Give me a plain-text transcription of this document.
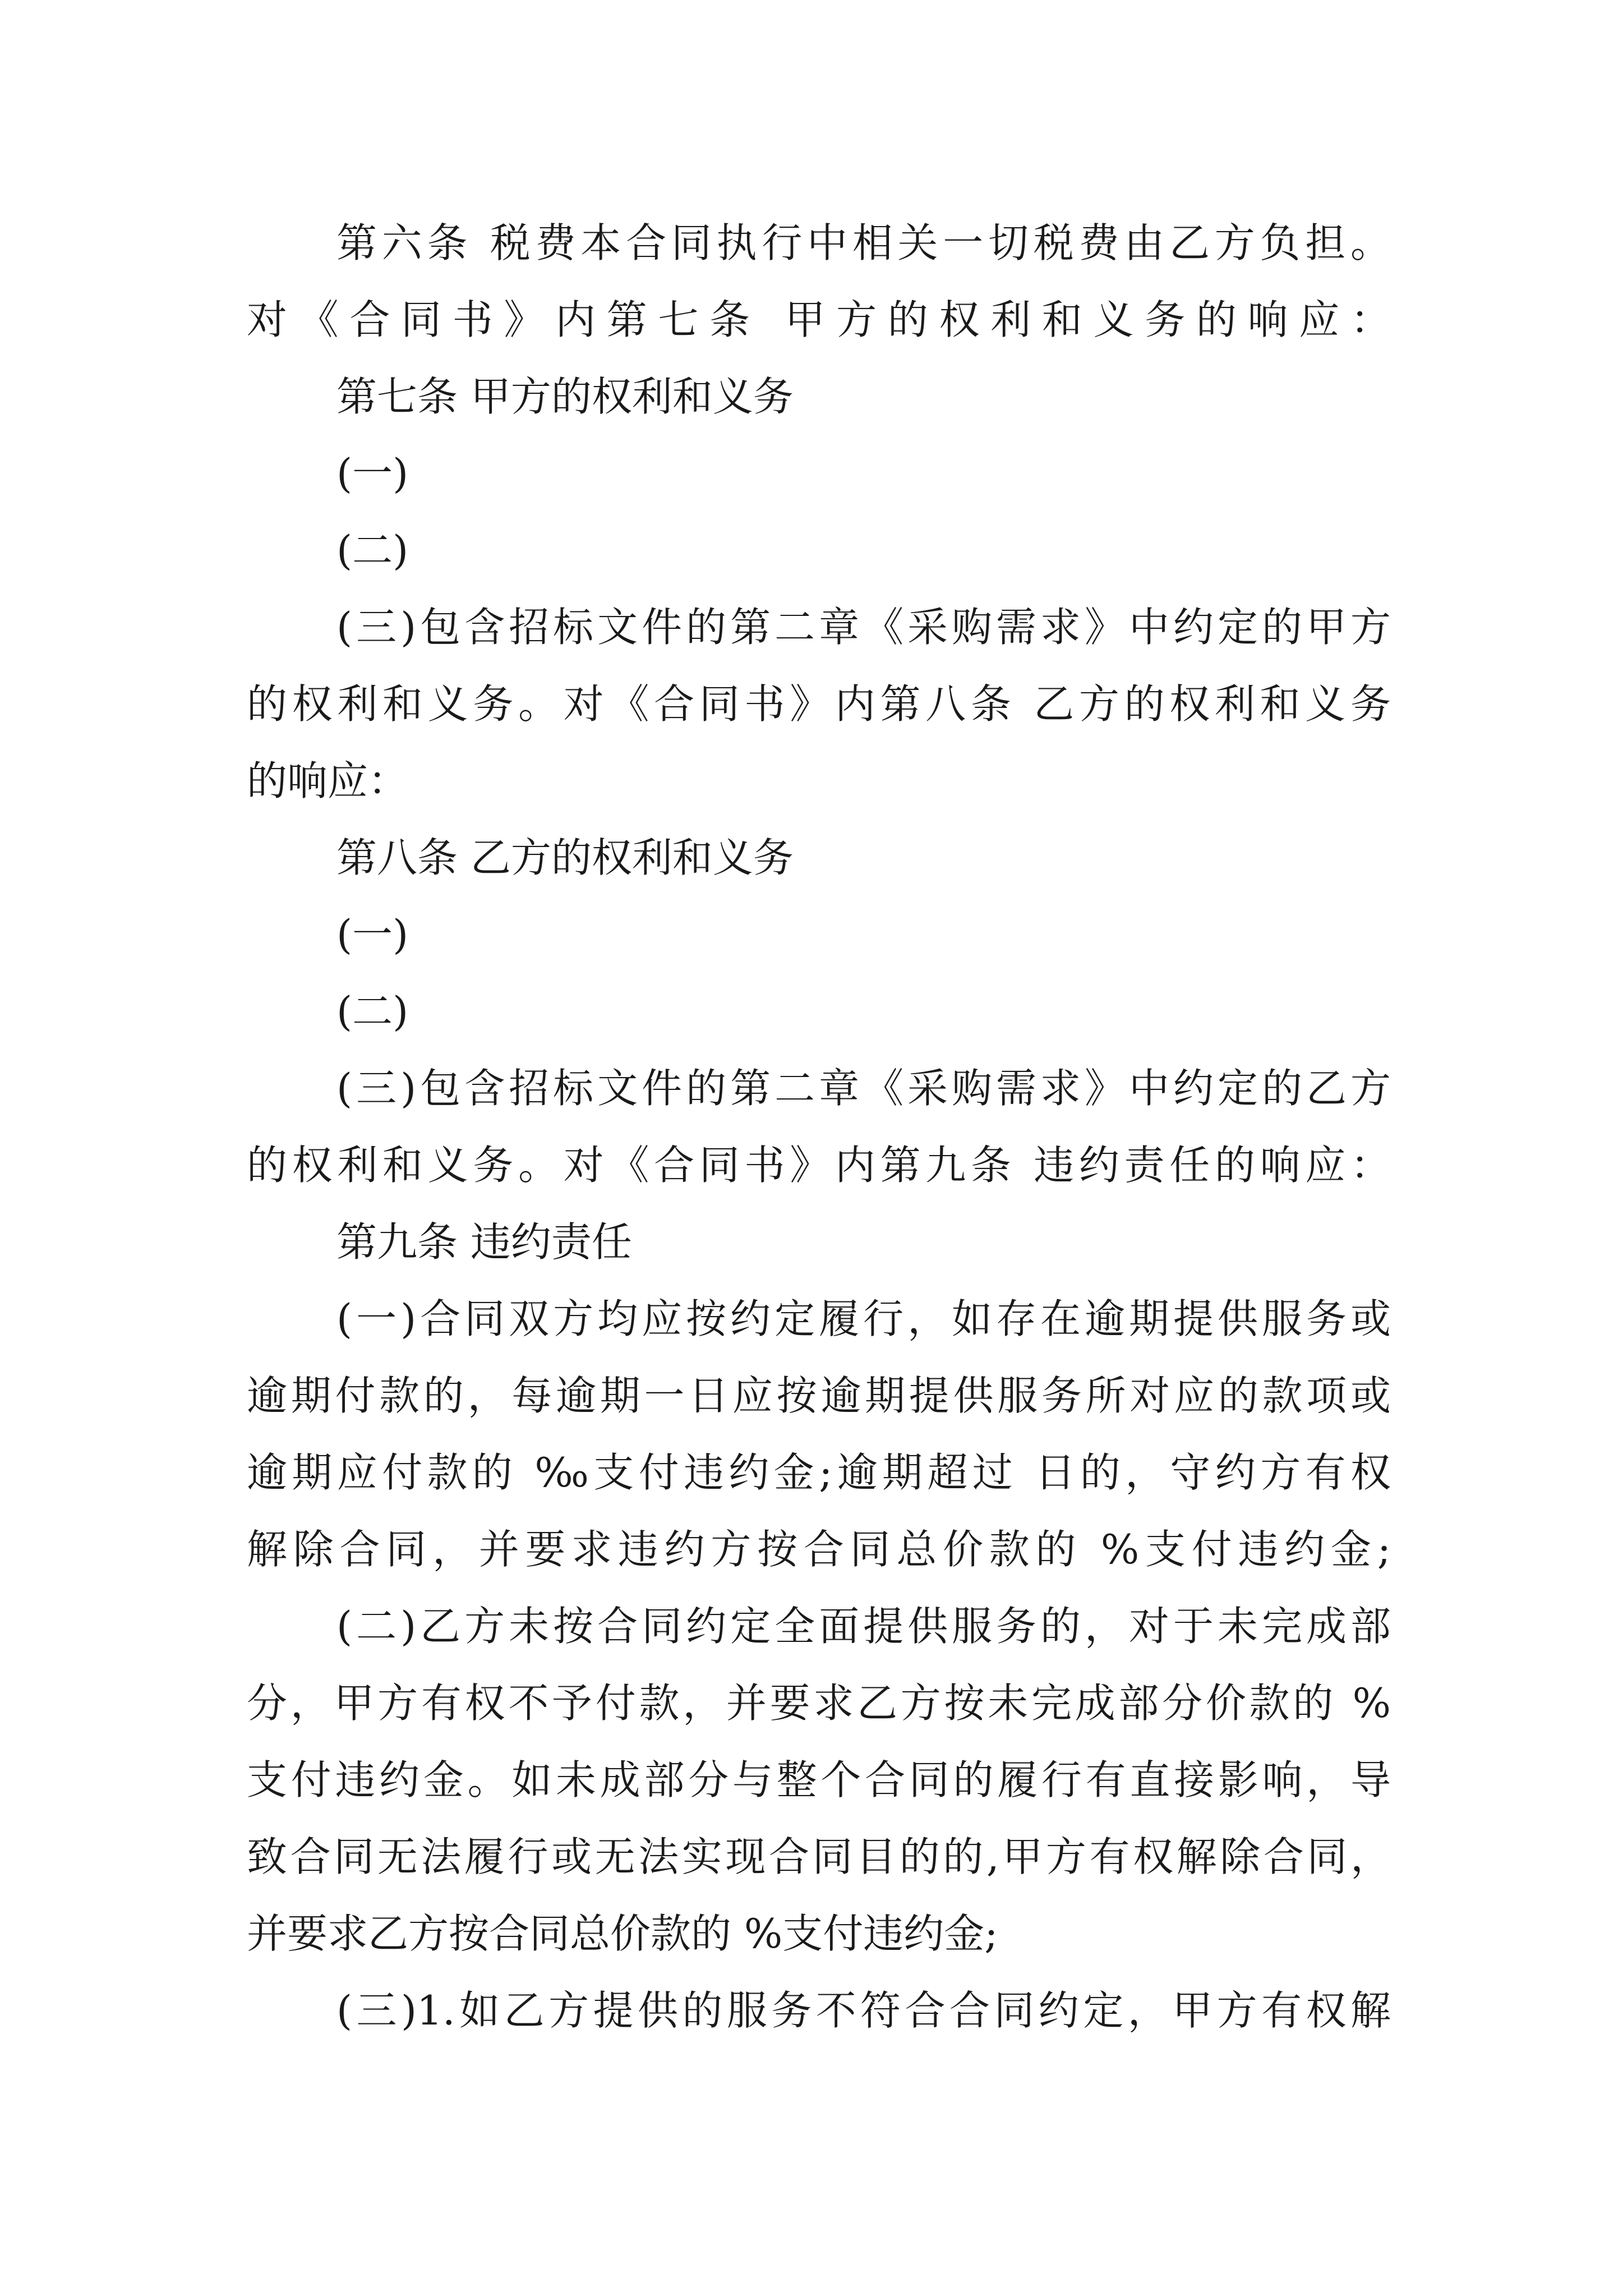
第六条 税费本合同执行中相关一切税费由乙方负担。

对《合同书》内第七条 甲方的权利和义务的响应：

第七条 甲方的权利和义务

(一)

(二)

(三)包含招标文件的第二章《采购需求》中约定的甲方

的权利和义务。对《合同书》内第八条 乙方的权利和义务

的响应：

第八条 乙方的权利和义务

(一)

(二)

(三)包含招标文件的第二章《采购需求》中约定的乙方

的权利和义务。对《合同书》内第九条 违约责任的响应：

第九条 违约责任

(一)合同双方均应按约定履行，如存在逾期提供服务或

逾期付款的，每逾期一日应按逾期提供服务所对应的款项或

逾期应付款的 ‰支付违约金;逾期超过 日的，守约方有权

解除合同，并要求违约方按合同总价款的 %支付违约金;

(二)乙方未按合同约定全面提供服务的，对于未完成部

分，甲方有权不予付款，并要求乙方按未完成部分价款的 %

支付违约金。如未成部分与整个合同的履行有直接影响，导

致合同无法履行或无法实现合同目的的,甲方有权解除合同，

并要求乙方按合同总价款的 %支付违约金;

(三)1.如乙方提供的服务不符合合同约定，甲方有权解
